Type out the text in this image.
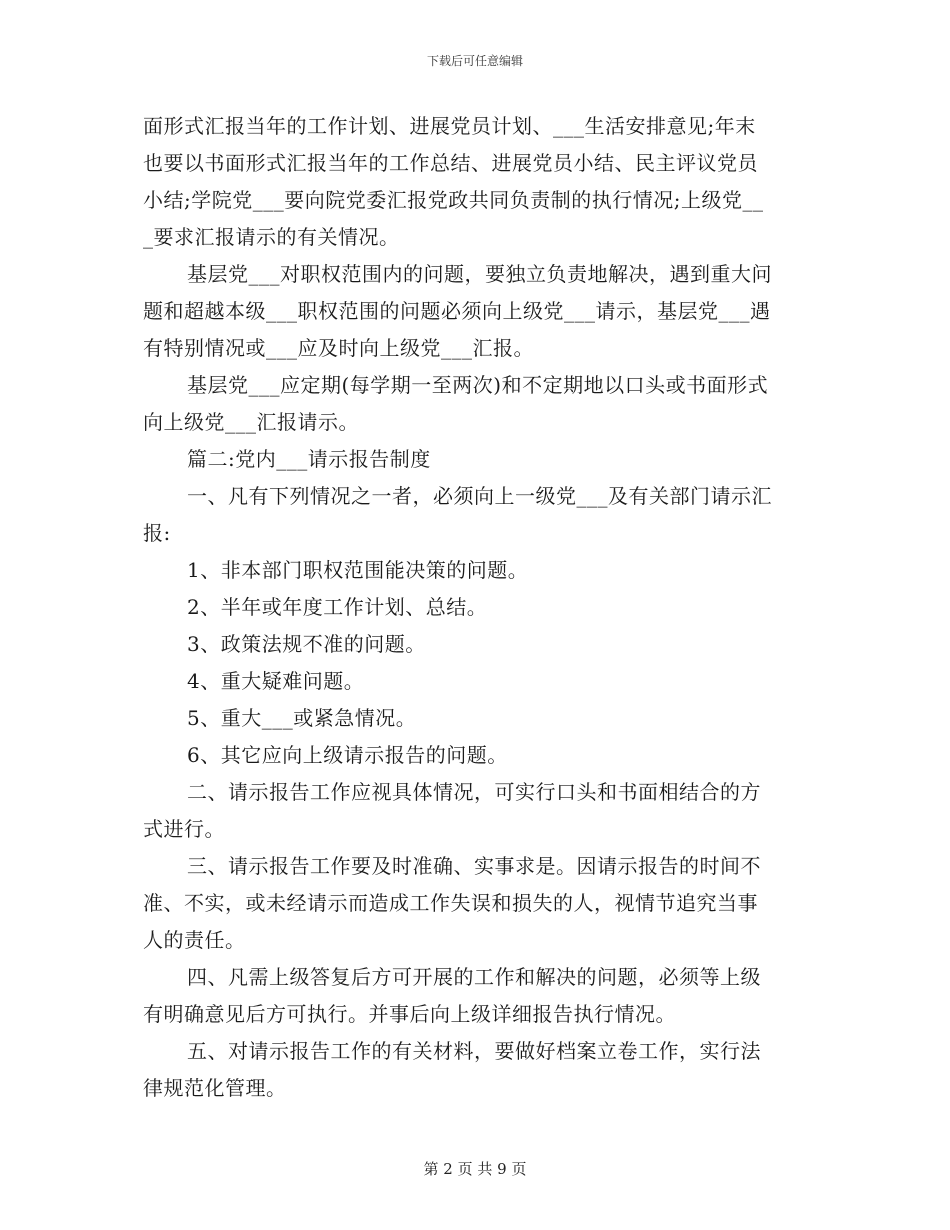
下载后可任意编辑
面形式汇报当年的工作计划、进展党员计划、___生活安排意见;年末
也要以书面形式汇报当年的工作总结、进展党员小结、民主评议党员
小结;学院党___要向院党委汇报党政共同负责制的执行情况;上级党__
_要求汇报请示的有关情况。
基层党___对职权范围内的问题，要独立负责地解决，遇到重大问
题和超越本级___职权范围的问题必须向上级党___请示，基层党___遇
有特别情况或___应及时向上级党___汇报。
基层党___应定期(每学期一至两次)和不定期地以口头或书面形式
向上级党___汇报请示。
篇二:党内___请示报告制度
一、凡有下列情况之一者，必须向上一级党___及有关部门请示汇
报:
1、非本部门职权范围能决策的问题。
2、半年或年度工作计划、总结。
3、政策法规不准的问题。
4、重大疑难问题。
5、重大___或紧急情况。
6、其它应向上级请示报告的问题。
二、请示报告工作应视具体情况，可实行口头和书面相结合的方
式进行。
三、请示报告工作要及时准确、实事求是。因请示报告的时间不
准、不实，或未经请示而造成工作失误和损失的人，视情节追究当事
人的责任。
四、凡需上级答复后方可开展的工作和解决的问题，必须等上级
有明确意见后方可执行。并事后向上级详细报告执行情况。
五、对请示报告工作的有关材料，要做好档案立卷工作，实行法
律规范化管理。
第 2 页 共 9 页
